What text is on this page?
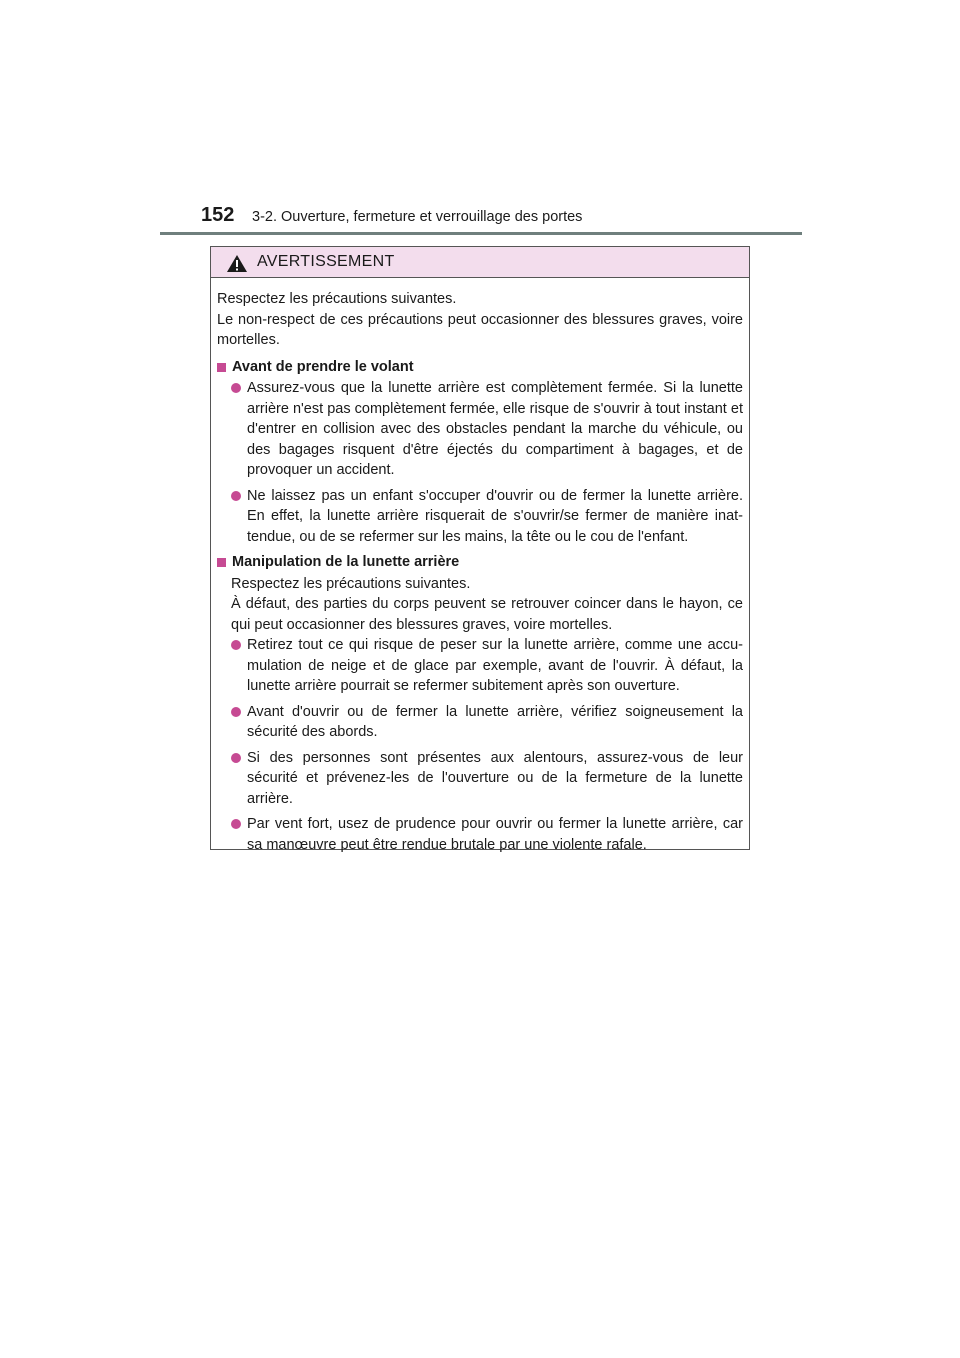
152 3-2. Ouverture, fermeture et verrouillage des portes
AVERTISSEMENT

Respectez les précautions suivantes.

Le non-respect de ces précautions peut occasionner des blessures graves, voire mortelles.

Avant de prendre le volant
Assurez-vous que la lunette arrière est complètement fermée. Si la lunette arrière n'est pas complètement fermée, elle risque de s'ouvrir à tout instant et d'entrer en collision avec des obstacles pendant la marche du véhicule, ou des bagages risquent d'être éjectés du compartiment à bagages, et de provoquer un accident.
Ne laissez pas un enfant s'occuper d'ouvrir ou de fermer la lunette arrière. En effet, la lunette arrière risquerait de s'ouvrir/se fermer de manière inat-tendue, ou de se refermer sur les mains, la tête ou le cou de l'enfant.
Manipulation de la lunette arrière

Respectez les précautions suivantes.

À défaut, des parties du corps peuvent se retrouver coincer dans le hayon, ce qui peut occasionner des blessures graves, voire mortelles.

Retirez tout ce qui risque de peser sur la lunette arrière, comme une accu-mulation de neige et de glace par exemple, avant de l'ouvrir. À défaut, la lunette arrière pourrait se refermer subitement après son ouverture.
Avant d'ouvrir ou de fermer la lunette arrière, vérifiez soigneusement la sécurité des abords.
Si des personnes sont présentes aux alentours, assurez-vous de leur sécurité et prévenez-les de l'ouverture ou de la fermeture de la lunette arrière.
Par vent fort, usez de prudence pour ouvrir ou fermer la lunette arrière, car sa manœuvre peut être rendue brutale par une violente rafale.
